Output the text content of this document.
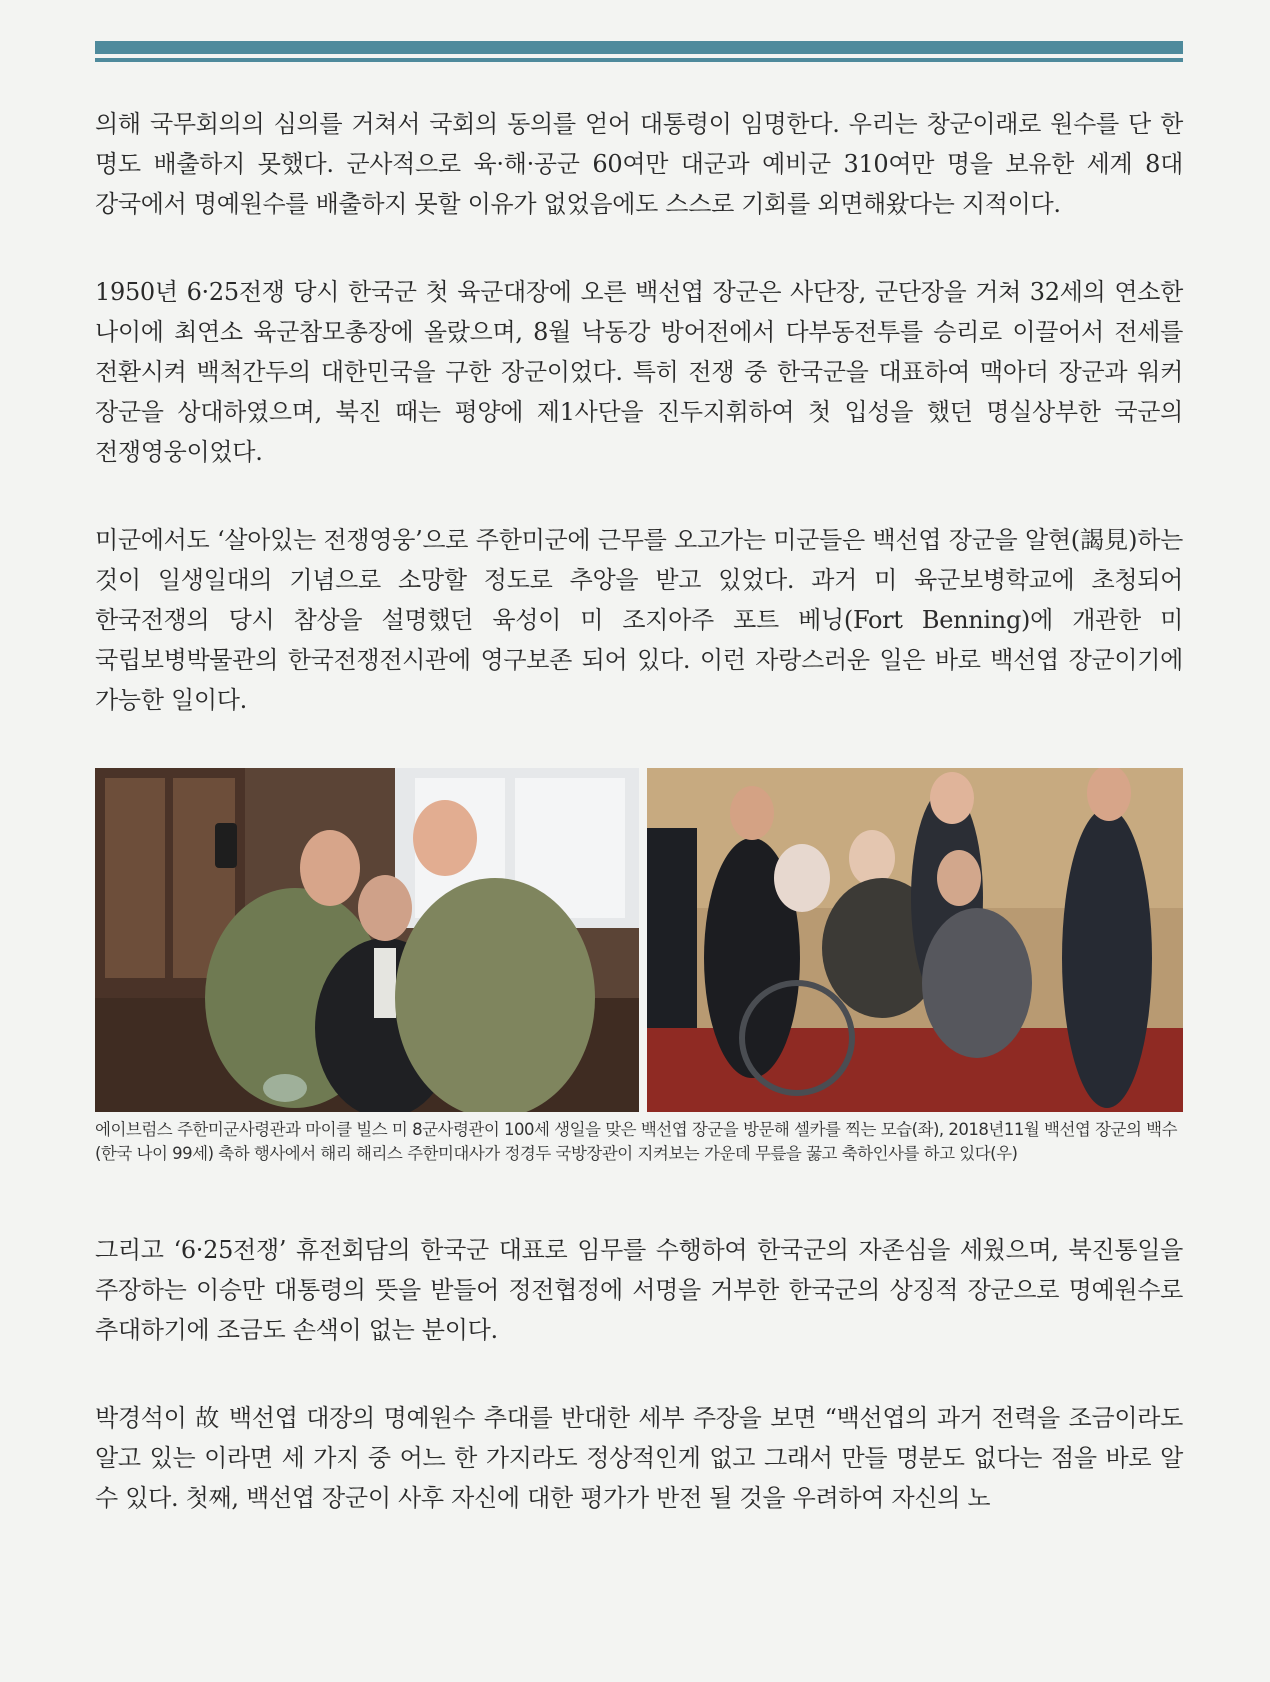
의해 국무회의의 심의를 거쳐서 국회의 동의를 얻어 대통령이 임명한다. 우리는 창군이래로 원수를 단 한 명도 배출하지 못했다. 군사적으로 육·해·공군 60여만 대군과 예비군 310여만 명을 보유한 세계 8대 강국에서 명예원수를 배출하지 못할 이유가 없었음에도 스스로 기회를 외면해왔다는 지적이다.

1950년 6·25전쟁 당시 한국군 첫 육군대장에 오른 백선엽 장군은 사단장, 군단장을 거쳐 32세의 연소한 나이에 최연소 육군참모총장에 올랐으며, 8월 낙동강 방어전에서 다부동전투를 승리로 이끌어서 전세를 전환시켜 백척간두의 대한민국을 구한 장군이었다. 특히 전쟁 중 한국군을 대표하여 맥아더 장군과 워커 장군을 상대하였으며, 북진 때는 평양에 제1사단을 진두지휘하여 첫 입성을 했던 명실상부한 국군의 전쟁영웅이었다.

미군에서도 ‘살아있는 전쟁영웅’으로 주한미군에 근무를 오고가는 미군들은 백선엽 장군을 알현(謁見)하는 것이 일생일대의 기념으로 소망할 정도로 추앙을 받고 있었다. 과거 미 육군보병학교에 초청되어 한국전쟁의 당시 참상을 설명했던 육성이 미 조지아주 포트 베닝(Fort Benning)에 개관한 미 국립보병박물관의 한국전쟁전시관에 영구보존 되어 있다. 이런 자랑스러운 일은 바로 백선엽 장군이기에 가능한 일이다.

에이브럼스 주한미군사령관과 마이클 빌스 미 8군사령관이 100세 생일을 맞은 백선엽 장군을 방문해 셀카를 찍는 모습(좌), 2018년11월 백선엽 장군의 백수(한국 나이 99세) 축하 행사에서 해리 해리스 주한미대사가 정경두 국방장관이 지켜보는 가운데 무릎을 꿇고 축하인사를 하고 있다(우)

그리고 ‘6·25전쟁’ 휴전회담의 한국군 대표로 임무를 수행하여 한국군의 자존심을 세웠으며, 북진통일을 주장하는 이승만 대통령의 뜻을 받들어 정전협정에 서명을 거부한 한국군의 상징적 장군으로 명예원수로 추대하기에 조금도 손색이 없는 분이다.

박경석이 故 백선엽 대장의 명예원수 추대를 반대한 세부 주장을 보면 “백선엽의 과거 전력을 조금이라도 알고 있는 이라면 세 가지 중 어느 한 가지라도 정상적인게 없고 그래서 만들 명분도 없다는 점을 바로 알 수 있다. 첫째, 백선엽 장군이 사후 자신에 대한 평가가 반전 될 것을 우려하여 자신의 노
